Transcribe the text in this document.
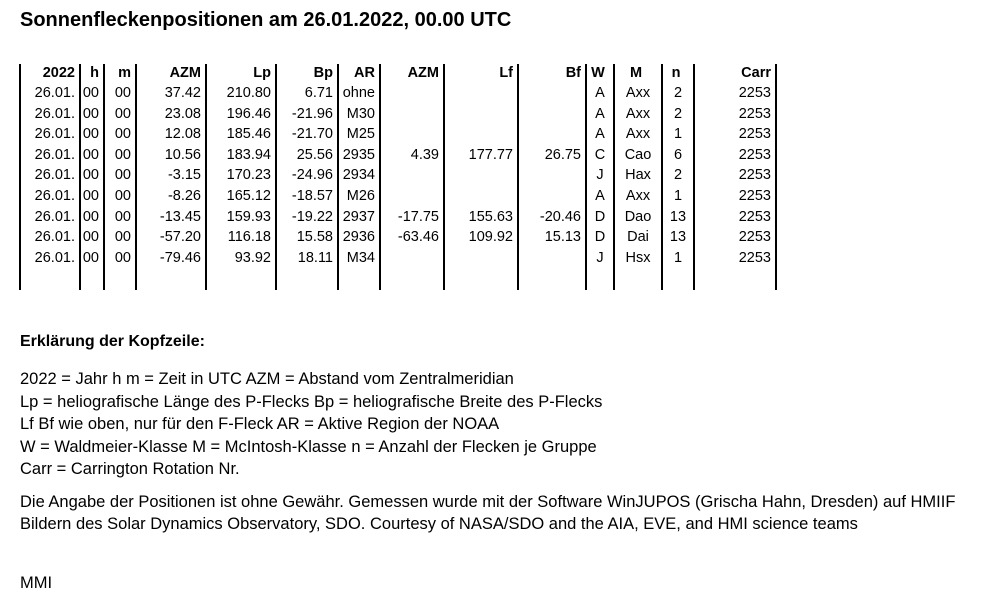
Sonnenfleckenpositionen am 26.01.2022, 00.00 UTC
2022	h	m	AZM	Lp	Bp	AR	AZM	Lf	Bf	W	M	n	Carr
26.01.	00	00	37.42	210.80	6.71	ohne				A	Axx	2	2253
26.01.	00	00	23.08	196.46	-21.96	M30				A	Axx	2	2253
26.01.	00	00	12.08	185.46	-21.70	M25				A	Axx	1	2253
26.01.	00	00	10.56	183.94	25.56	2935	4.39	177.77	26.75	C	Cao	6	2253
26.01.	00	00	-3.15	170.23	-24.96	2934				J	Hax	2	2253
26.01.	00	00	-8.26	165.12	-18.57	M26				A	Axx	1	2253
26.01.	00	00	-13.45	159.93	-19.22	2937	-17.75	155.63	-20.46	D	Dao	13	2253
26.01.	00	00	-57.20	116.18	15.58	2936	-63.46	109.92	15.13	D	Dai	13	2253
26.01.	00	00	-79.46	93.92	18.11	M34				J	Hsx	1	2253

Erklärung der Kopfzeile:
2022 = Jahr h m = Zeit in UTC AZM = Abstand vom Zentralmeridian
Lp = heliografische Länge des P-Flecks Bp = heliografische Breite des P-Flecks
Lf Bf wie oben, nur für den F-Fleck AR = Aktive Region der NOAA
W = Waldmeier-Klasse M = McIntosh-Klasse n = Anzahl der Flecken je Gruppe
Carr = Carrington Rotation Nr.
Die Angabe der Positionen ist ohne Gewähr. Gemessen wurde mit der Software WinJUPOS (Grischa Hahn, Dresden) auf HMIIF Bildern des Solar Dynamics Observatory, SDO. Courtesy of NASA/SDO and the AIA, EVE, and HMI science teams
MMI
